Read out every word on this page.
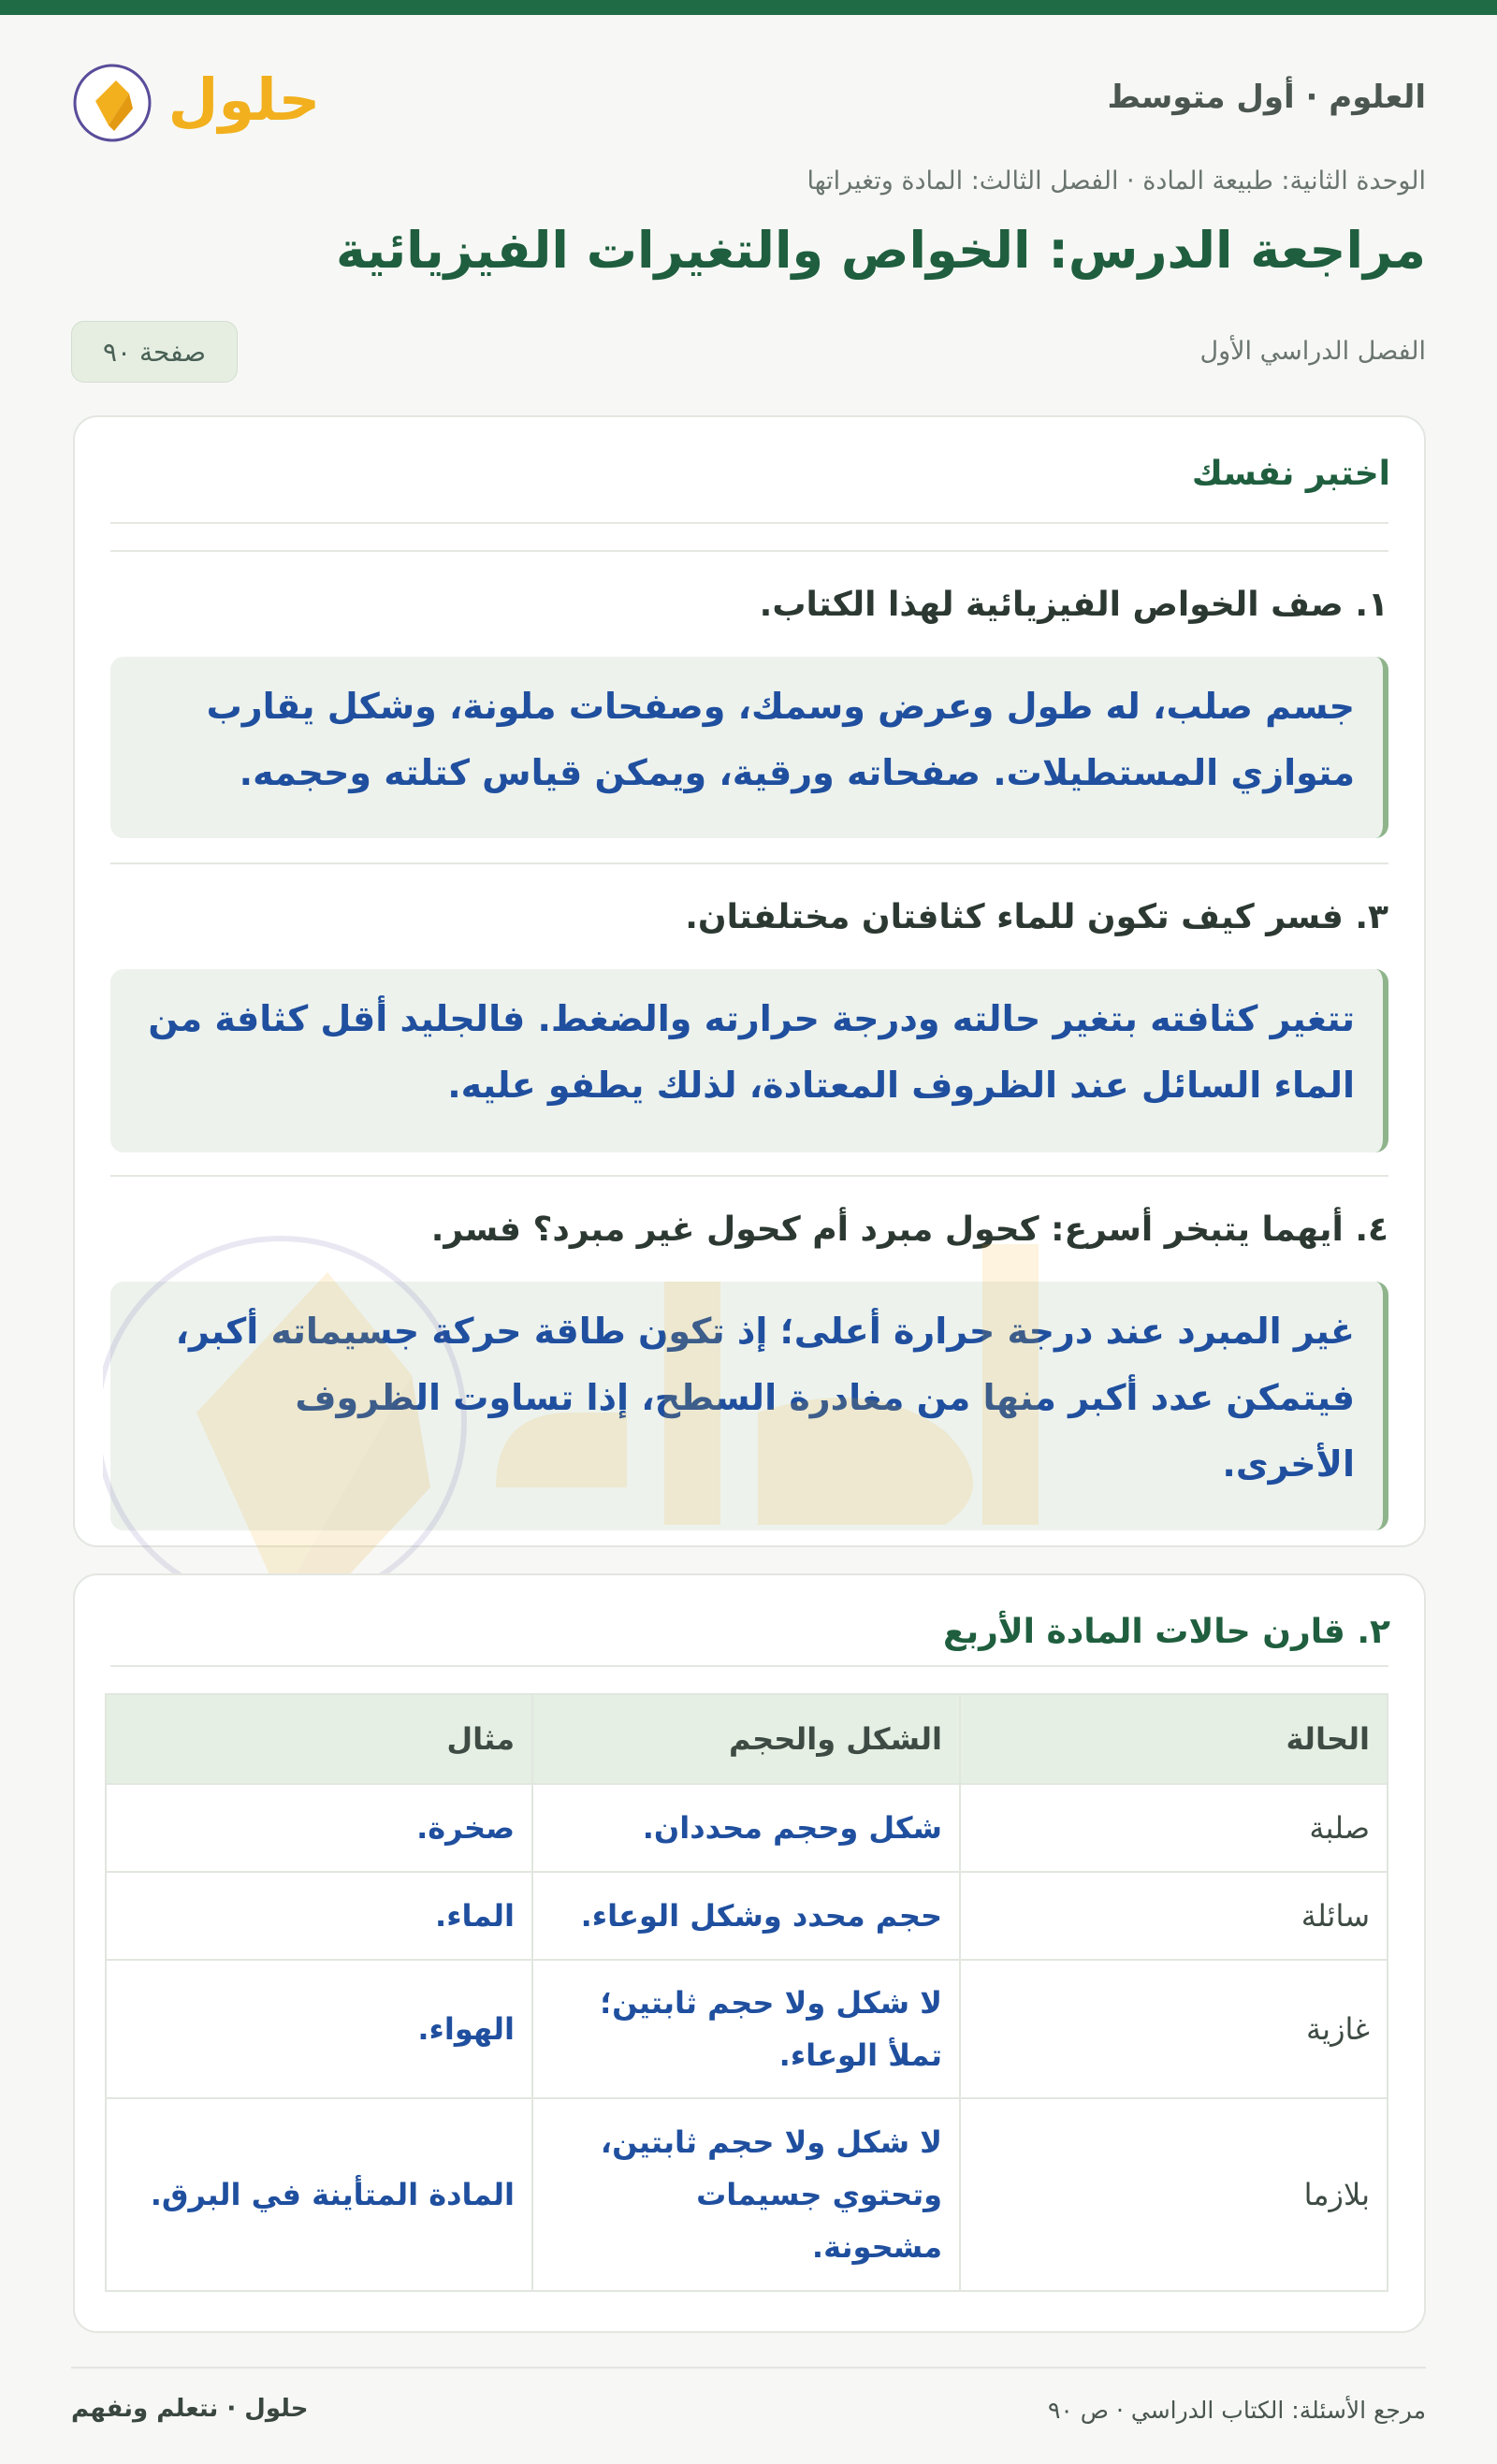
العلوم · أول متوسط
حلول
الوحدة الثانية: طبيعة المادة · الفصل الثالث: المادة وتغيراتها
مراجعة الدرس: الخواص والتغيرات الفيزيائية
الفصل الدراسي الأول
صفحة ٩٠
اختبر نفسك
١. صف الخواص الفيزيائية لهذا الكتاب.
جسم صلب، له طول وعرض وسمك، وصفحات ملونة، وشكل يقارب
متوازي المستطيلات. صفحاته ورقية، ويمكن قياس كتلته وحجمه.
٣. فسر كيف تكون للماء كثافتان مختلفتان.
تتغير كثافته بتغير حالته ودرجة حرارته والضغط. فالجليد أقل كثافة من
الماء السائل عند الظروف المعتادة، لذلك يطفو عليه.
٤. أيهما يتبخر أسرع: كحول مبرد أم كحول غير مبرد؟ فسر.
غير المبرد عند درجة حرارة أعلى؛ إذ تكون طاقة حركة جسيماته أكبر،
فيتمكن عدد أكبر منها من مغادرة السطح، إذا تساوت الظروف
الأخرى.
٢. قارن حالات المادة الأربع
الحالة	الشكل والحجم	مثال
صلبة	شكل وحجم محددان.	صخرة.
سائلة	حجم محدد وشكل الوعاء.	الماء.
غازية	لا شكل ولا حجم ثابتين؛
تملأ الوعاء.	الهواء.
بلازما	لا شكل ولا حجم ثابتين،
وتحتوي جسيمات
مشحونة.	المادة المتأينة في البرق.
مرجع الأسئلة: الكتاب الدراسي · ص ٩٠
حلول · نتعلم ونفهم
